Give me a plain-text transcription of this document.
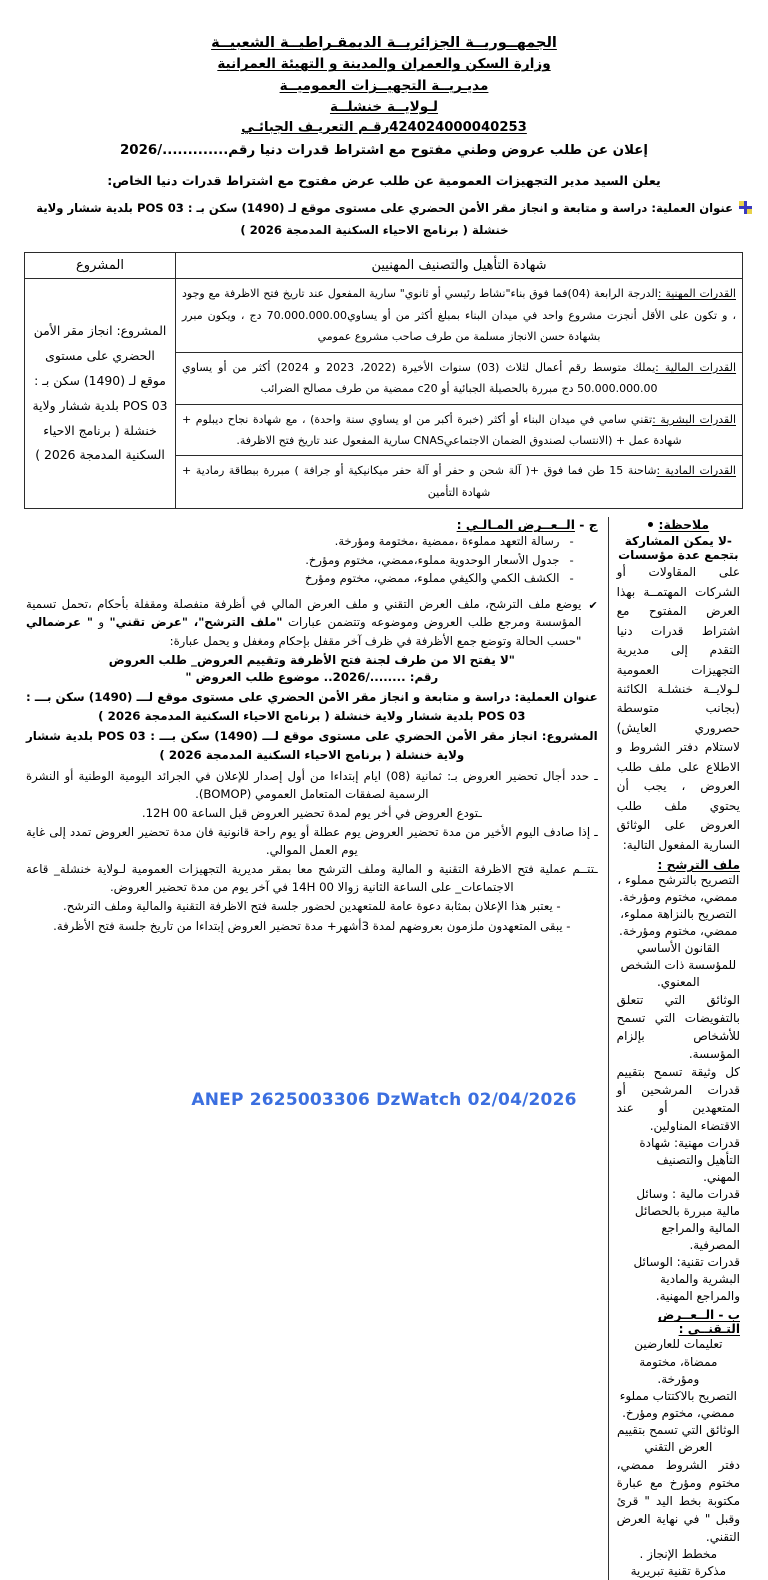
الجمهــوريــة الجزائريــة الديمقـراطيــة الشعبيــة
وزارة السكن والعمران والمدينة و التهيئة العمرانية
مديـريــة التجهيــزات العموميــة
لـولايــة خنشلــة
424024000040253رقـم التعريـف الجبائـي
إعلان عن طلب عروض وطني مفتوح مع اشتراط قدرات دنيا رقم............./2026
يعلن السيد مدير التجهيزات العمومية عن طلب عرض مفتوح مع اشتراط قدرات دنيا الخاص:
عنوان العملية: دراسة و متابعة و انجاز مقر الأمن الحضري على مستوى موقع لـ (1490) سكن بـ : POS 03 بلدية ششار ولاية
خنشلة ( برنامج الاحياء السكنية المدمجة 2026 )
شهادة التأهيل والتصنيف المهنيين	المشروع
القدرات المهنية :الدرجة الرابعة (04)فما فوق بناء"نشاط رئيسي أو ثانوي" سارية المفعول عند تاريخ فتح الاظرفة مع وجود ، و تكون على الأقل أنجزت مشروع واحد في ميدان البناء بمبلغ أكثر من أو يساوي70.000.000.00 دج ، ويكون مبرر بشهادة حسن الانجاز مسلمة من طرف صاحب مشروع عمومي	المشروع: انجاز مقر الأمن الحضري على مستوى موقع لـ (1490) سكن بـ : POS 03 بلدية ششار ولاية خنشلة ( برنامج الاحياء السكنية المدمجة 2026 )
القدرات المالية :يملك متوسط رقم أعمال لثلاث (03) سنوات الأخيرة (2022، 2023 و 2024) أكثر من أو يساوي 50.000.000.00 دج مبررة بالحصيلة الجبائية أو c20 ممضية من طرف مصالح الضرائب	
القدرات البشرية :تقني سامي في ميدان البناء أو أكثر (خبرة أكبر من او يساوي سنة واحدة) ، مع شهادة نجاح ديبلوم + شهادة عمل + (الانتساب لصندوق الضمان الاجتماعيCNAS سارية المفعول عند تاريخ فتح الاظرفة.	
القدرات المادية :شاحنة 15 طن فما فوق +( آلة شحن و حفر أو آلة حفر ميكانيكية أو جرافة ) مبررة ببطاقة رمادية + شهادة التأمين	
ملاحظة:
-لا يمكن المشاركة بتجمع عدة مؤسسات
على المقاولات أو الشركات المهتمــة بهذا العرض المفتوح مع اشتراط قدرات دنيا التقدم إلى مديرية التجهيزات العمومية لـولايــة خنشلـة الكائنة (بجانب متوسطة حصروري العايش) لاستلام دفتر الشروط و الاطلاع على ملف طلب العروض ، يجب أن يحتوي ملف طلب العروض على الوثائق السارية المفعول التالية:
ملف الترشح :
التصريح بالترشح مملوء ، ممضي، مختوم ومؤرخة.
التصريح بالنزاهة مملوء، ممضي، مختوم ومؤرخة.
القانون الأساسي للمؤسسة ذات الشخص المعنوي.
الوثائق التي تتعلق بالتفويضات التي تسمح للأشخاص بإلزام المؤسسة.
كل وثيقة تسمح بتقييم قدرات المرشحين أو المتعهدين أو عند الاقتضاء المناولين.
قدرات مهنية: شهادة التأهيل والتصنيف المهني.
قدرات مالية : وسائل مالية مبررة بالحصائل المالية والمراجع المصرفية.
قدرات تقنية: الوسائل البشرية والمادية والمراجع المهنية.
ب - الــعــرض التـقنــي :
تعليمات للعارضين ممضاة، مختومة ومؤرخة.
التصريح بالاكتتاب مملوء ممضي، مختوم ومؤرخ.
الوثائق التي تسمح بتقييم العرض التقني
دفتر الشروط ممضي، مختوم ومؤرخ مع عبارة مكتوبة بخط اليد " قرئ وقبل " في نهاية العرض التقني.
مخطط الإنجاز .
مذكرة تقنية تبريرية
ج - الــعــرض المـالـي :
-
رسالة التعهد مملوءة ،ممضية ،مختومة ومؤرخة.
-
جدول الأسعار الوحدوية مملوء،ممضي، مختوم ومؤرخ.
-
الكشف الكمي والكيفي مملوء، ممضي، مختوم ومؤرخ
✔
يوضع ملف الترشح، ملف العرض التقني و ملف العرض المالي في أظرفة منفصلة ومقفلة بأحكام ،تحمل تسمية المؤسسة ومرجع طلب العروض وموضوعه وتتضمن عبارات "ملف الترشح"، "عرض تقني" و " عرضمالي "حسب الحالة وتوضع جمع الأظرفة في ظرف آخر مقفل بإحكام ومغفل و يحمل عبارة:
"لا يفتح الا من طرف لجنة فتح الأظرفة وتقييم العروض_ طلب العروض
رقم: ......../2026.. موضوع طلب العروض "
عنوان العملية: دراسة و متابعة و انجاز مقر الأمن الحضري على مستوى موقع لـــ (1490) سكن بـــ : POS 03 بلدية ششار ولاية خنشلة ( برنامج الاحياء السكنية المدمجة 2026 )
المشروع: انجاز مقر الأمن الحضري على مستوى موقع لـــ (1490) سكن بـــ : POS 03 بلدية ششار ولاية خنشلة ( برنامج الاحياء السكنية المدمجة 2026 )
ـ حدد أجال تحضير العروض بـ: ثمانية (08) ايام إبتداءا من أول إصدار للإعلان في الجرائد اليومية الوطنية أو النشرة الرسمية لصفقات المتعامل العمومي (BOMOP).
ـتودع العروض في أخر يوم لمدة تحضير العروض قبل الساعة 12H 00.
ـ إذا صادف اليوم الأخير من مدة تحضير العروض يوم عطلة أو يوم راحة قانونية فان مدة تحضير العروض تمدد إلى غاية يوم العمل الموالي.
ـتتــم عملية فتح الاظرفة التقنية و المالية وملف الترشح معا بمقر مديرية التجهيزات العمومية لـولاية خنشلة_ قاعة الاجتماعات_ على الساعة الثانية زوالا 14H 00 في آخر يوم من مدة تحضير العروض.
- يعتبر هذا الإعلان بمثابة دعوة عامة للمتعهدين لحضور جلسة فتح الاظرفة التقنية والمالية وملف الترشح.
- يبقى المتعهدون ملزمون بعروضهم لمدة 3أشهر+ مدة تحضير العروض إبتداءا من تاريخ جلسة فتح الأظرفة.
ANEP 2625003306 DzWatch 02/04/2026
